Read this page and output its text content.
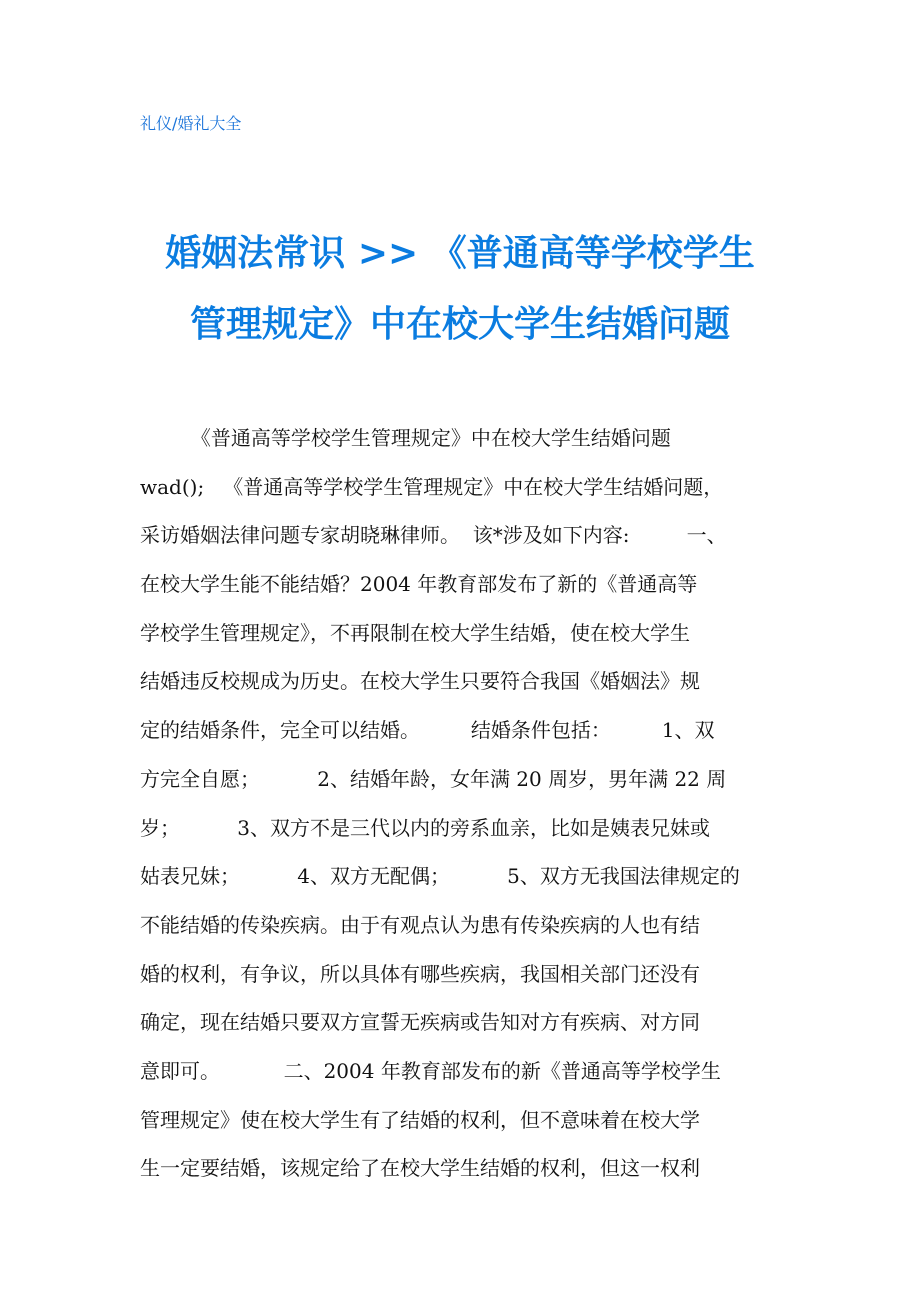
礼仪/婚礼大全
婚姻法常识 >> 《普通高等学校学生
管理规定》中在校大学生结婚问题
《普通高等学校学生管理规定》中在校大学生结婚问题
wad();   《普通高等学校学生管理规定》中在校大学生结婚问题，
采访婚姻法律问题专家胡晓琳律师。  该*涉及如下内容:         一、
在校大学生能不能结婚？2004 年教育部发布了新的《普通高等
学校学生管理规定》，不再限制在校大学生结婚，使在校大学生
结婚违反校规成为历史。在校大学生只要符合我国《婚姻法》规
定的结婚条件，完全可以结婚。        结婚条件包括：        1、双
方完全自愿；         2、结婚年龄，女年满 20 周岁，男年满 22 周
岁；         3、双方不是三代以内的旁系血亲，比如是姨表兄妹或
姑表兄妹；         4、双方无配偶；         5、双方无我国法律规定的
不能结婚的传染疾病。由于有观点认为患有传染疾病的人也有结
婚的权利，有争议，所以具体有哪些疾病，我国相关部门还没有
确定，现在结婚只要双方宣誓无疾病或告知对方有疾病、对方同
意即可。          二、2004 年教育部发布的新《普通高等学校学生
管理规定》使在校大学生有了结婚的权利，但不意味着在校大学
生一定要结婚，该规定给了在校大学生结婚的权利，但这一权利
